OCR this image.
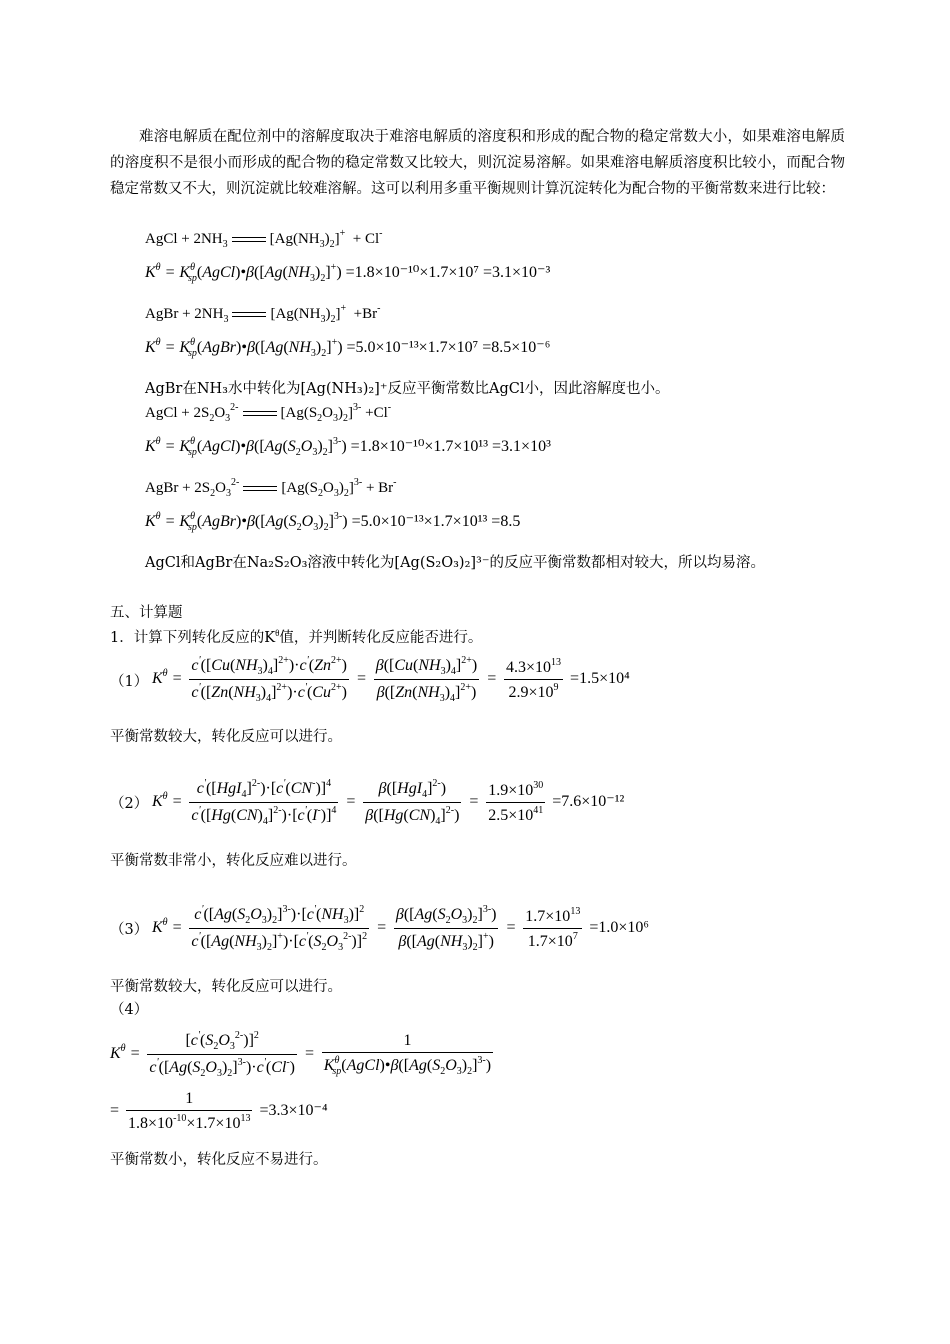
难溶电解质在配位剂中的溶解度取决于难溶电解质的溶度积和形成的配合物的稳定常数大小，如果难溶电解质的溶度积不是很小而形成的配合物的稳定常数又比较大，则沉淀易溶解。如果难溶电解质溶度积比较小，而配合物稳定常数又不大，则沉淀就比较难溶解。这可以利用多重平衡规则计算沉淀转化为配合物的平衡常数来进行比较：
AgCl + $2NH_3$	$[Ag(NH_3)_2]^+ + Cl^-$
$K^\theta$ = $K^\theta_{sp}(AgCl)•\beta([Ag(NH_3)_2]^+) =1.8\times 10^{-10}\times 1.7\times 10^7 =3.1\times 10^{-3}$
AgBr + $2NH_3$	$[Ag(NH_3)_2]^+ +Br^-$
$K^\theta$ = $K^\theta_{sp}(AgBr)•\beta([Ag(NH_3)_2]^+) =5.0\times 10^{-13}\times 1.7\times 10^7 =8.5\times 10^{-6}$
AgBr在NH₃水中转化为[Ag(NH₃)₂]⁺反应平衡常数比AgCl小，因此溶解度也小。
AgCl + $2S_2O_3^{2-}$	$[Ag(S_2O_3)_2]^{3-} +Cl^-$
$K^\theta$ = $K^\theta_{sp}(AgCl)•\beta([Ag(S_2O_3)_2]^{3-}) =1.8\times 10^{-10}\times 1.7\times 10^{13} =3.1\times 10^3$
AgBr + $2S_2O_3^{2-}$	$[Ag(S_2O_3)_2]^{3-} + Br^-$
$K^\theta$ = $K^\theta_{sp}(AgBr)•\beta([Ag(S_2O_3)_2]^{3-}) =5.0\times 10^{-13}\times 1.7\times 10^{13} =8.5$
AgCl和AgBr在Na₂S₂O₃溶液中转化为[Ag(S₂O₃)₂]³⁻的反应平衡常数都相对较大，所以均易溶。
五、计算题
1．计算下列转化反应的$K^\theta$值，并判断转化反应能否进行。
（1） $K^\theta = \frac{c'([Cu(NH_3)_4]^{2+})\cdot c'(Zn^{2+})}{c'([Zn(NH_3)_4]^{2+})\cdot c'(Cu^{2+})} = \frac{\beta([Cu(NH_3)_4]^{2+})}{\beta([Zn(NH_3)_4]^{2+})} = \frac{4.3\times 10^{13}}{2.9\times 10^9} =1.5\times 10^4$
平衡常数较大，转化反应可以进行。
（2） $K^\theta = \frac{c'([HgI_4]^{2-})\cdot[c'(CN^-)]^4}{c'([Hg(CN)_4]^{2-})\cdot[c'(I^-)]^4} = \frac{\beta([HgI_4]^{2-})}{\beta([Hg(CN)_4]^{2-})} = \frac{1.9\times 10^{30}}{2.5\times 10^{41}} =7.6\times 10^{-12}$
平衡常数非常小，转化反应难以进行。
（3） $K^\theta = \frac{c'([Ag(S_2O_3)_2]^{3-})\cdot[c'(NH_3)]^2}{c'([Ag(NH_3)_2]^+)\cdot[c'(S_2O_3^{2-})]^2} = \frac{\beta([Ag(S_2O_3)_2]^{3-})}{\beta([Ag(NH_3)_2]^+)} = \frac{1.7\times 10^{13}}{1.7\times 10^7} =1.0\times 10^6$
平衡常数较大，转化反应可以进行。
（4）
$K^\theta = \frac{[c'(S_2O_3^{2-})]^2}{c'([Ag(S_2O_3)_2]^{3-})\cdot c'(Cl^-)} = \frac{1}{K^\theta_{sp}(AgCl)•\beta([Ag(S_2O_3)_2]^{3-})}$
= $\frac{1}{1.8\times 10^{-10}\times 1.7\times 10^{13}} =3.3\times 10^{-4}$
平衡常数小，转化反应不易进行。
